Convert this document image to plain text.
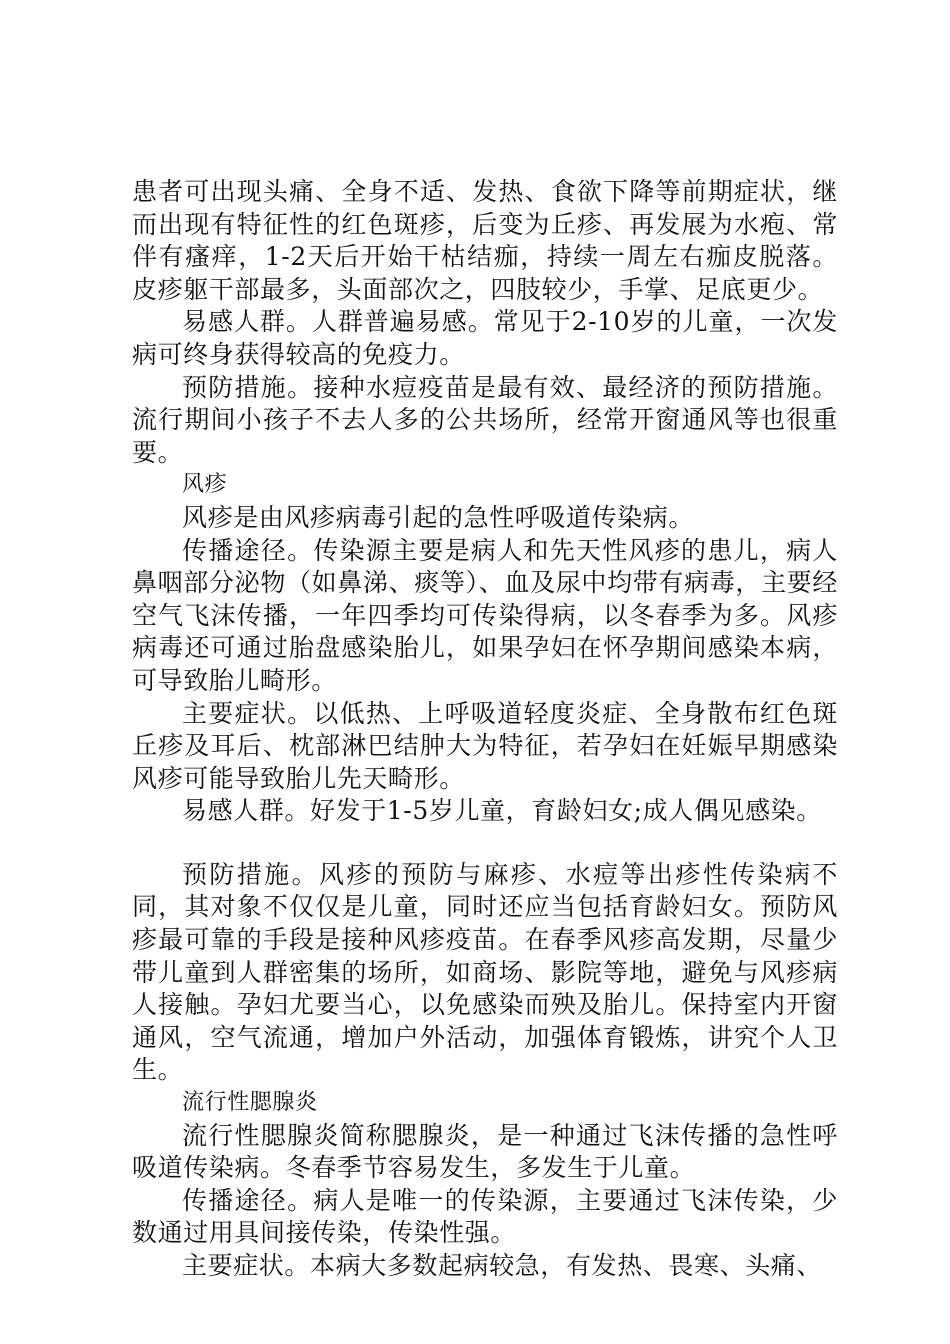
患者可出现头痛、全身不适、发热、食欲下降等前期症状，继而出现有特征性的红色斑疹，后变为丘疹、再发展为水疱、常伴有瘙痒，1-2天后开始干枯结痂，持续一周左右痂皮脱落。皮疹躯干部最多，头面部次之，四肢较少，手掌、足底更少。

易感人群。人群普遍易感。常见于2-10岁的儿童，一次发病可终身获得较高的免疫力。

预防措施。接种水痘疫苗是最有效、最经济的预防措施。流行期间小孩子不去人多的公共场所，经常开窗通风等也很重要。

风疹

风疹是由风疹病毒引起的急性呼吸道传染病。

传播途径。传染源主要是病人和先天性风疹的患儿，病人鼻咽部分泌物（如鼻涕、痰等）、血及尿中均带有病毒，主要经空气飞沫传播，一年四季均可传染得病，以冬春季为多。风疹病毒还可通过胎盘感染胎儿，如果孕妇在怀孕期间感染本病，可导致胎儿畸形。

主要症状。以低热、上呼吸道轻度炎症、全身散布红色斑丘疹及耳后、枕部淋巴结肿大为特征，若孕妇在妊娠早期感染风疹可能导致胎儿先天畸形。

易感人群。好发于1-5岁儿童，育龄妇女;成人偶见感染。

预防措施。风疹的预防与麻疹、水痘等出疹性传染病不同，其对象不仅仅是儿童，同时还应当包括育龄妇女。预防风疹最可靠的手段是接种风疹疫苗。在春季风疹高发期，尽量少带儿童到人群密集的场所，如商场、影院等地，避免与风疹病人接触。孕妇尤要当心，以免感染而殃及胎儿。保持室内开窗通风，空气流通，增加户外活动，加强体育锻炼，讲究个人卫生。

流行性腮腺炎

流行性腮腺炎简称腮腺炎，是一种通过飞沫传播的急性呼吸道传染病。冬春季节容易发生，多发生于儿童。

传播途径。病人是唯一的传染源，主要通过飞沫传染，少数通过用具间接传染，传染性强。

主要症状。本病大多数起病较急，有发热、畏寒、头痛、
